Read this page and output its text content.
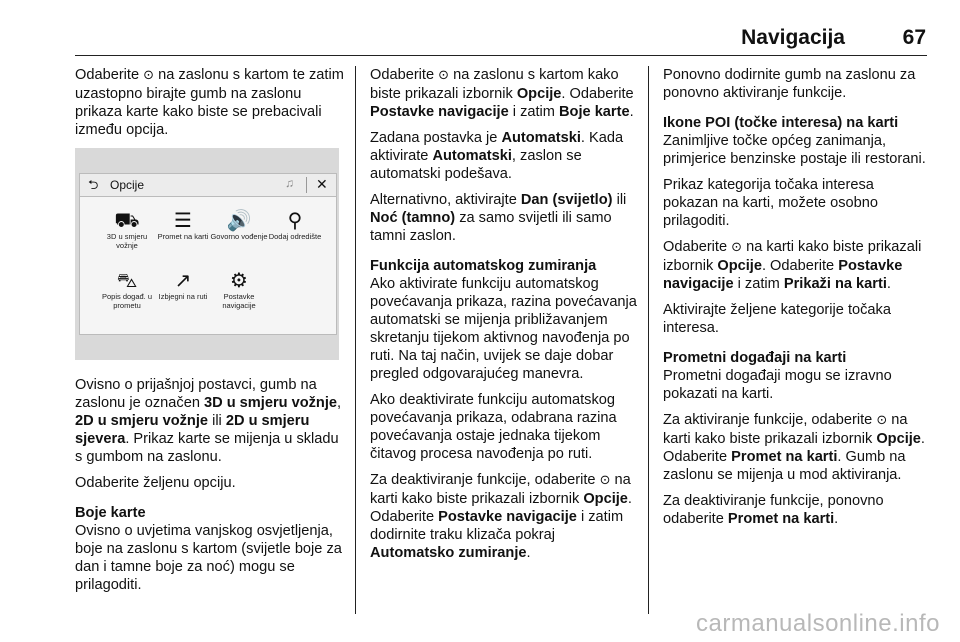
Navigacija	67

Odaberite ⊙ na zaslonu s kartom te zatim uzastopno birajte gumb na zaslonu prikaza karte kako biste se prebacivali između opcija.

⮌ Opcije	♫ ✕
⛟
3D u smjeru vožnje
☰
Promet na karti
🔊
Govorno vođenje
⚲
Dodaj odredište
⛍
Popis događ. u prometu
↗
Izbjegni na ruti
⚙
Postavke navigacije

Ovisno o prijašnjoj postavci, gumb na zaslonu je označen 3D u smjeru vožnje, 2D u smjeru vožnje ili 2D u smjeru sjevera. Prikaz karte se mijenja u skladu s gumbom na zaslonu.

Odaberite željenu opciju.

Boje karte

Ovisno o uvjetima vanjskog osvjetljenja, boje na zaslonu s kartom (svijetle boje za dan i tamne boje za noć) mogu se prilagoditi.

Odaberite ⊙ na zaslonu s kartom kako biste prikazali izbornik Opcije. Odaberite Postavke navigacije i zatim Boje karte.

Zadana postavka je Automatski. Kada aktivirate Automatski, zaslon se automatski podešava.

Alternativno, aktivirajte Dan (svijetlo) ili Noć (tamno) za samo svijetli ili samo tamni zaslon.

Funkcija automatskog zumiranja

Ako aktivirate funkciju automatskog povećavanja prikaza, razina povećavanja automatski se mijenja približavanjem skretanju tijekom aktivnog navođenja po ruti. Na taj način, uvijek se daje dobar pregled odgovarajućeg manevra.

Ako deaktivirate funkciju automatskog povećavanja prikaza, odabrana razina povećavanja ostaje jednaka tijekom čitavog procesa navođenja po ruti.

Za deaktiviranje funkcije, odaberite ⊙ na karti kako biste prikazali izbornik Opcije. Odaberite Postavke navigacije i zatim dodirnite traku klizača pokraj Automatsko zumiranje.

Ponovno dodirnite gumb na zaslonu za ponovno aktiviranje funkcije.

Ikone POI (točke interesa) na karti

Zanimljive točke općeg zanimanja, primjerice benzinske postaje ili restorani.

Prikaz kategorija točaka interesa pokazan na karti, možete osobno prilagoditi.

Odaberite ⊙ na karti kako biste prikazali izbornik Opcije. Odaberite Postavke navigacije i zatim Prikaži na karti.

Aktivirajte željene kategorije točaka interesa.

Prometni događaji na karti

Prometni događaji mogu se izravno pokazati na karti.

Za aktiviranje funkcije, odaberite ⊙ na karti kako biste prikazali izbornik Opcije. Odaberite Promet na karti. Gumb na zaslonu se mijenja u mod aktiviranja.

Za deaktiviranje funkcije, ponovno odaberite Promet na karti.

carmanualsonline.info
